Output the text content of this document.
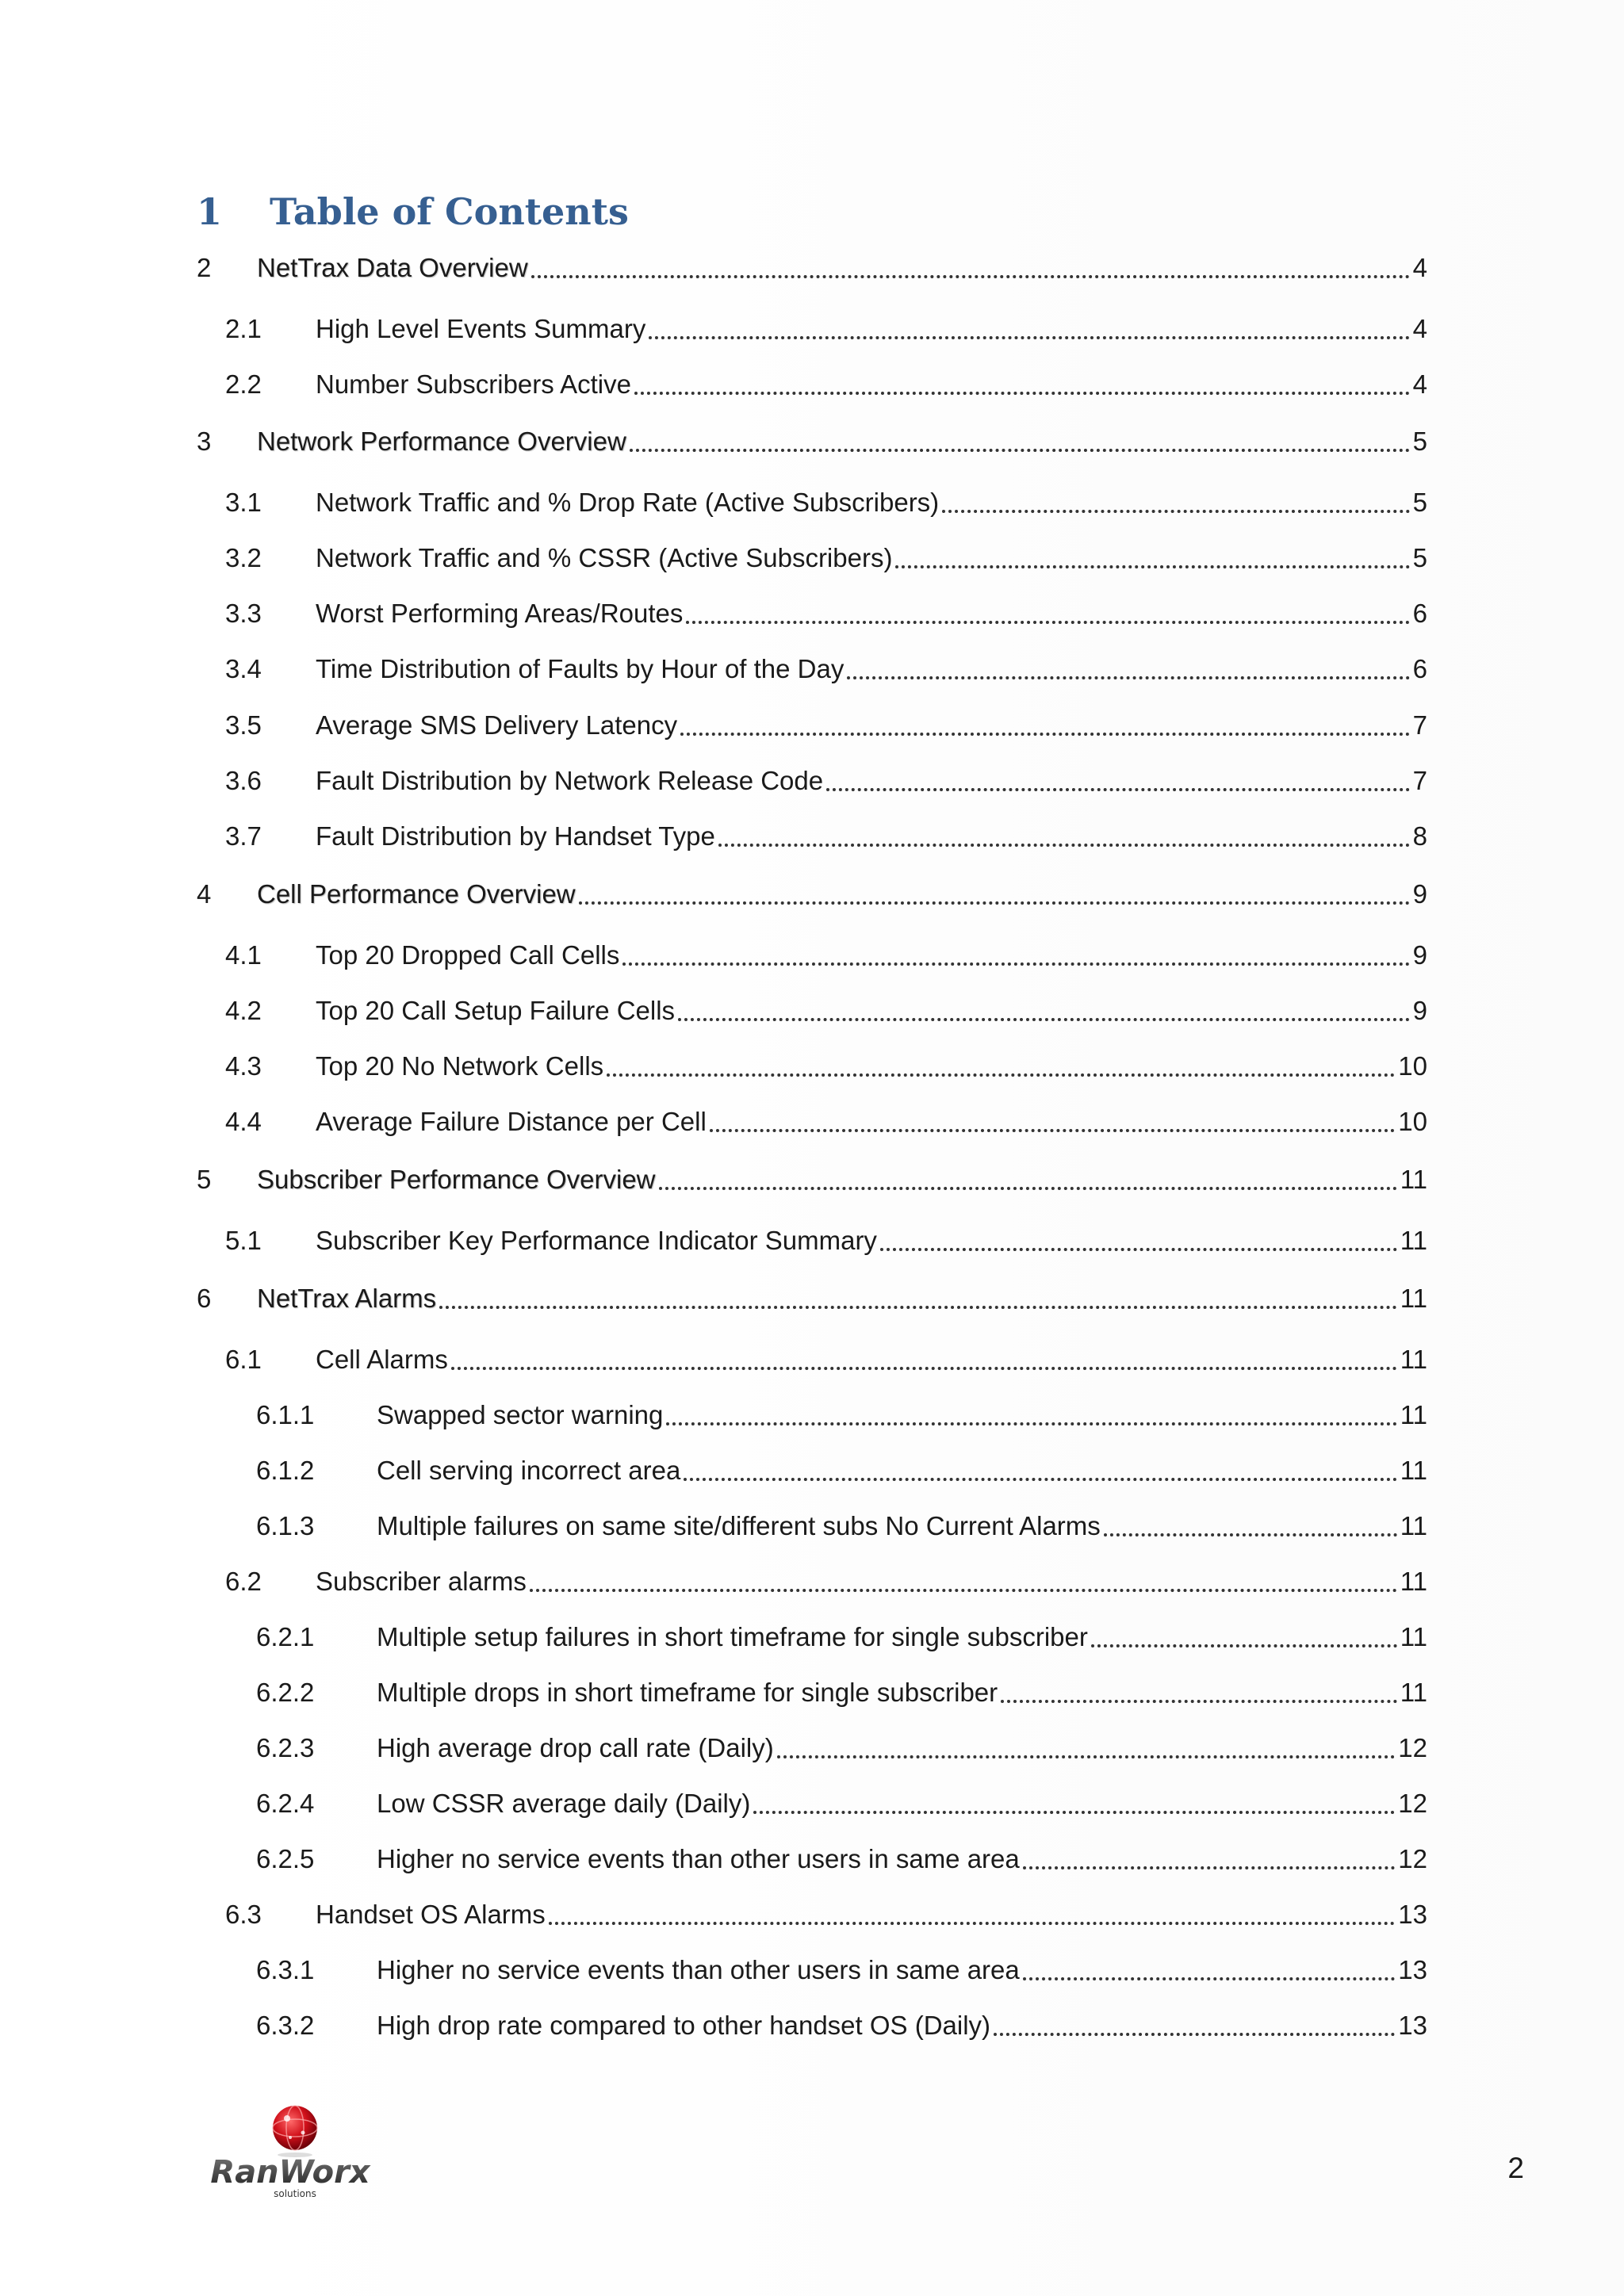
1 Table of Contents
2	NetTrax Data Overview	4
2.1	High Level Events Summary	4
2.2	Number Subscribers Active	4
3	Network Performance Overview	5
3.1	Network Traffic and % Drop Rate (Active Subscribers)	5
3.2	Network Traffic and % CSSR (Active Subscribers)	5
3.3	Worst Performing Areas/Routes	6
3.4	Time Distribution of Faults by Hour of the Day	6
3.5	Average SMS Delivery Latency	7
3.6	Fault Distribution by Network Release Code	7
3.7	Fault Distribution by Handset Type	8
4	Cell Performance Overview	9
4.1	Top 20 Dropped Call Cells	9
4.2	Top 20 Call Setup Failure Cells	9
4.3	Top 20 No Network Cells	10
4.4	Average Failure Distance per Cell	10
5	Subscriber Performance Overview	11
5.1	Subscriber Key Performance Indicator Summary	11
6	NetTrax Alarms	11
6.1	Cell Alarms	11
6.1.1	Swapped sector warning	11
6.1.2	Cell serving incorrect area	11
6.1.3	Multiple failures on same site/different subs No Current Alarms	11
6.2	Subscriber alarms	11
6.2.1	Multiple setup failures in short timeframe for single subscriber	11
6.2.2	Multiple drops in short timeframe for single subscriber	11
6.2.3	High average drop call rate (Daily)	12
6.2.4	Low CSSR average daily (Daily)	12
6.2.5	Higher no service events than other users in same area	12
6.3	Handset OS Alarms	13
6.3.1	Higher no service events than other users in same area	13
6.3.2	High drop rate compared to other handset OS (Daily)	13
RanWorx
solutions
2
